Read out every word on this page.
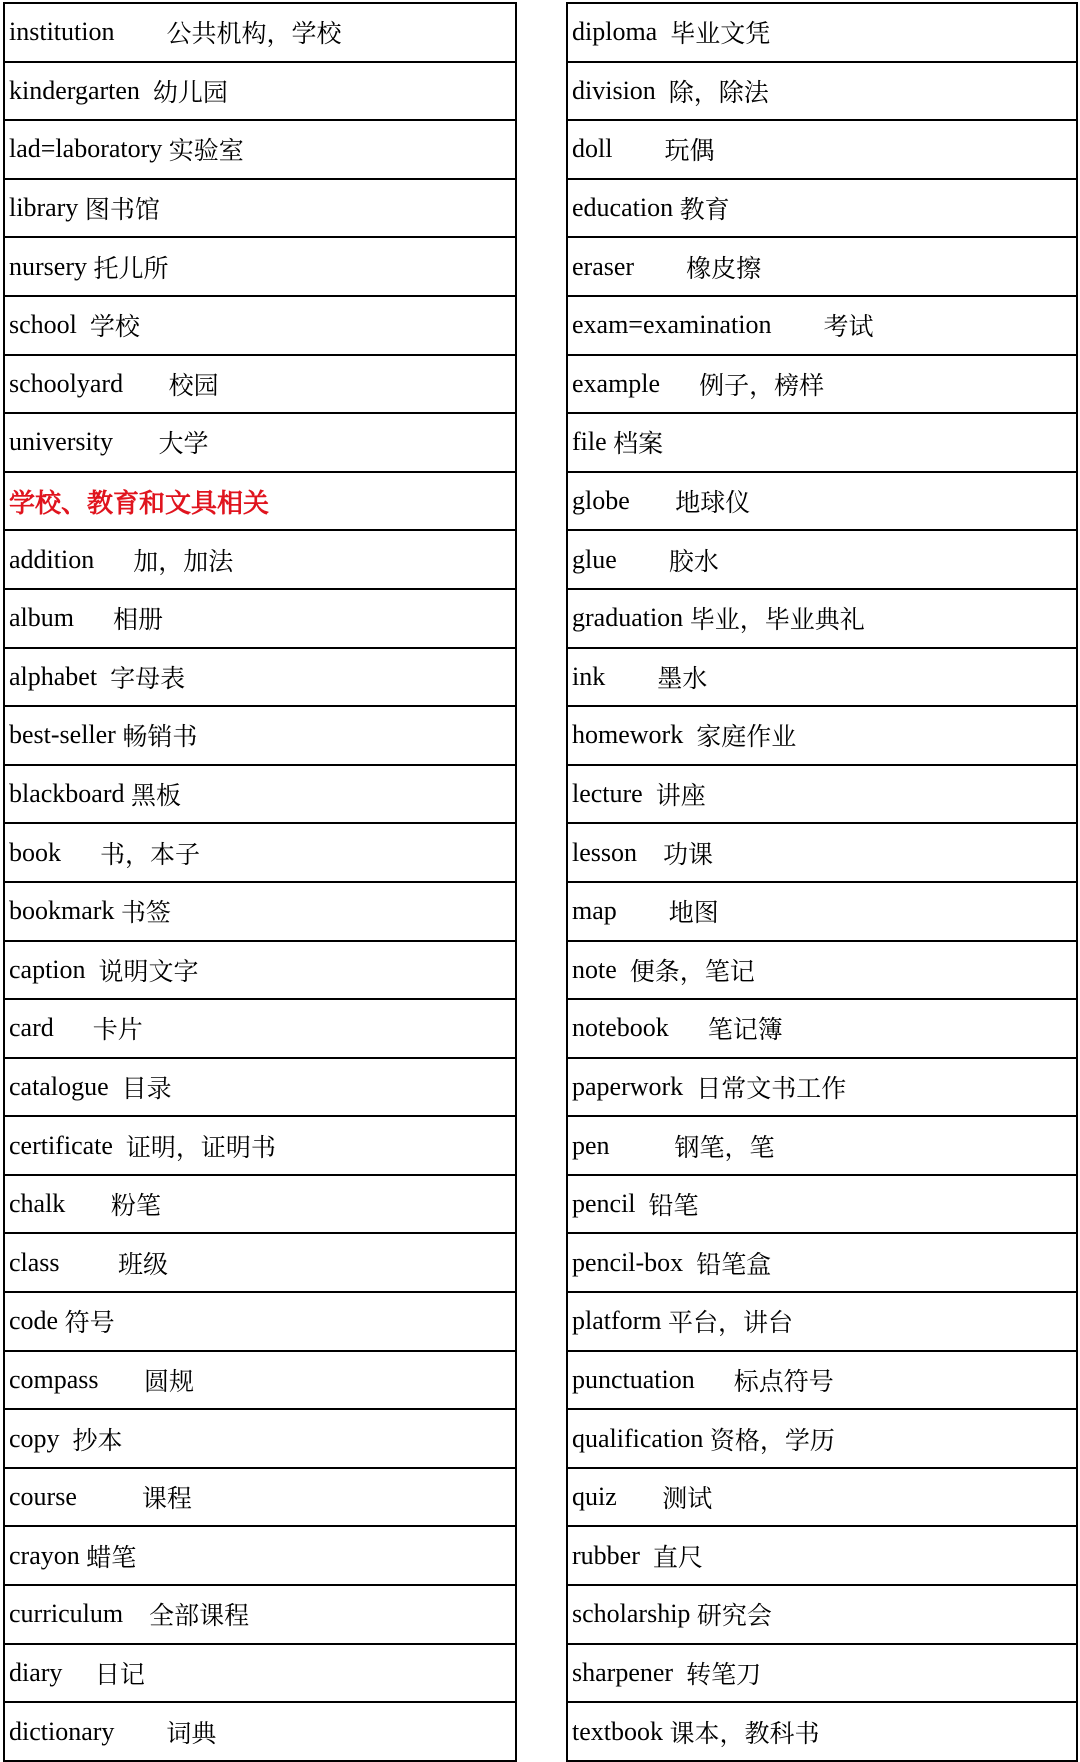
institution
公共机构，学校
kindergarten
幼儿园
lad=laboratory
实验室
library
图书馆
nursery
托儿所
school
学校
schoolyard
校园
university
大学
学校、教育和文具相关
addition
加，加法
album
相册
alphabet
字母表
best-seller
畅销书
blackboard
黑板
book
书，本子
bookmark
书签
caption
说明文字
card
卡片
catalogue
目录
certificate
证明，证明书
chalk
粉笔
class
班级
code
符号
compass
圆规
copy
抄本
course
	课程
crayon
蜡笔
curriculum
全部课程
diary
日记
dictionary
词典
diploma
毕业文凭
division
除，除法
doll
玩偶
education
教育
eraser
橡皮擦
exam=examination
考试
example
例子，榜样
file
档案
globe
地球仪
glue
胶水
graduation
毕业，毕业典礼
ink
墨水
homework
家庭作业
lecture
讲座
lesson
功课
map
地图
note
便条，笔记
notebook
笔记簿
paperwork
日常文书工作
pen
	钢笔，笔
pencil
铅笔
pencil-box
铅笔盒
platform
平台，讲台
punctuation
标点符号
qualification
资格，学历
quiz
测试
rubber
直尺
scholarship
研究会
sharpener
转笔刀
textbook
课本，教科书
